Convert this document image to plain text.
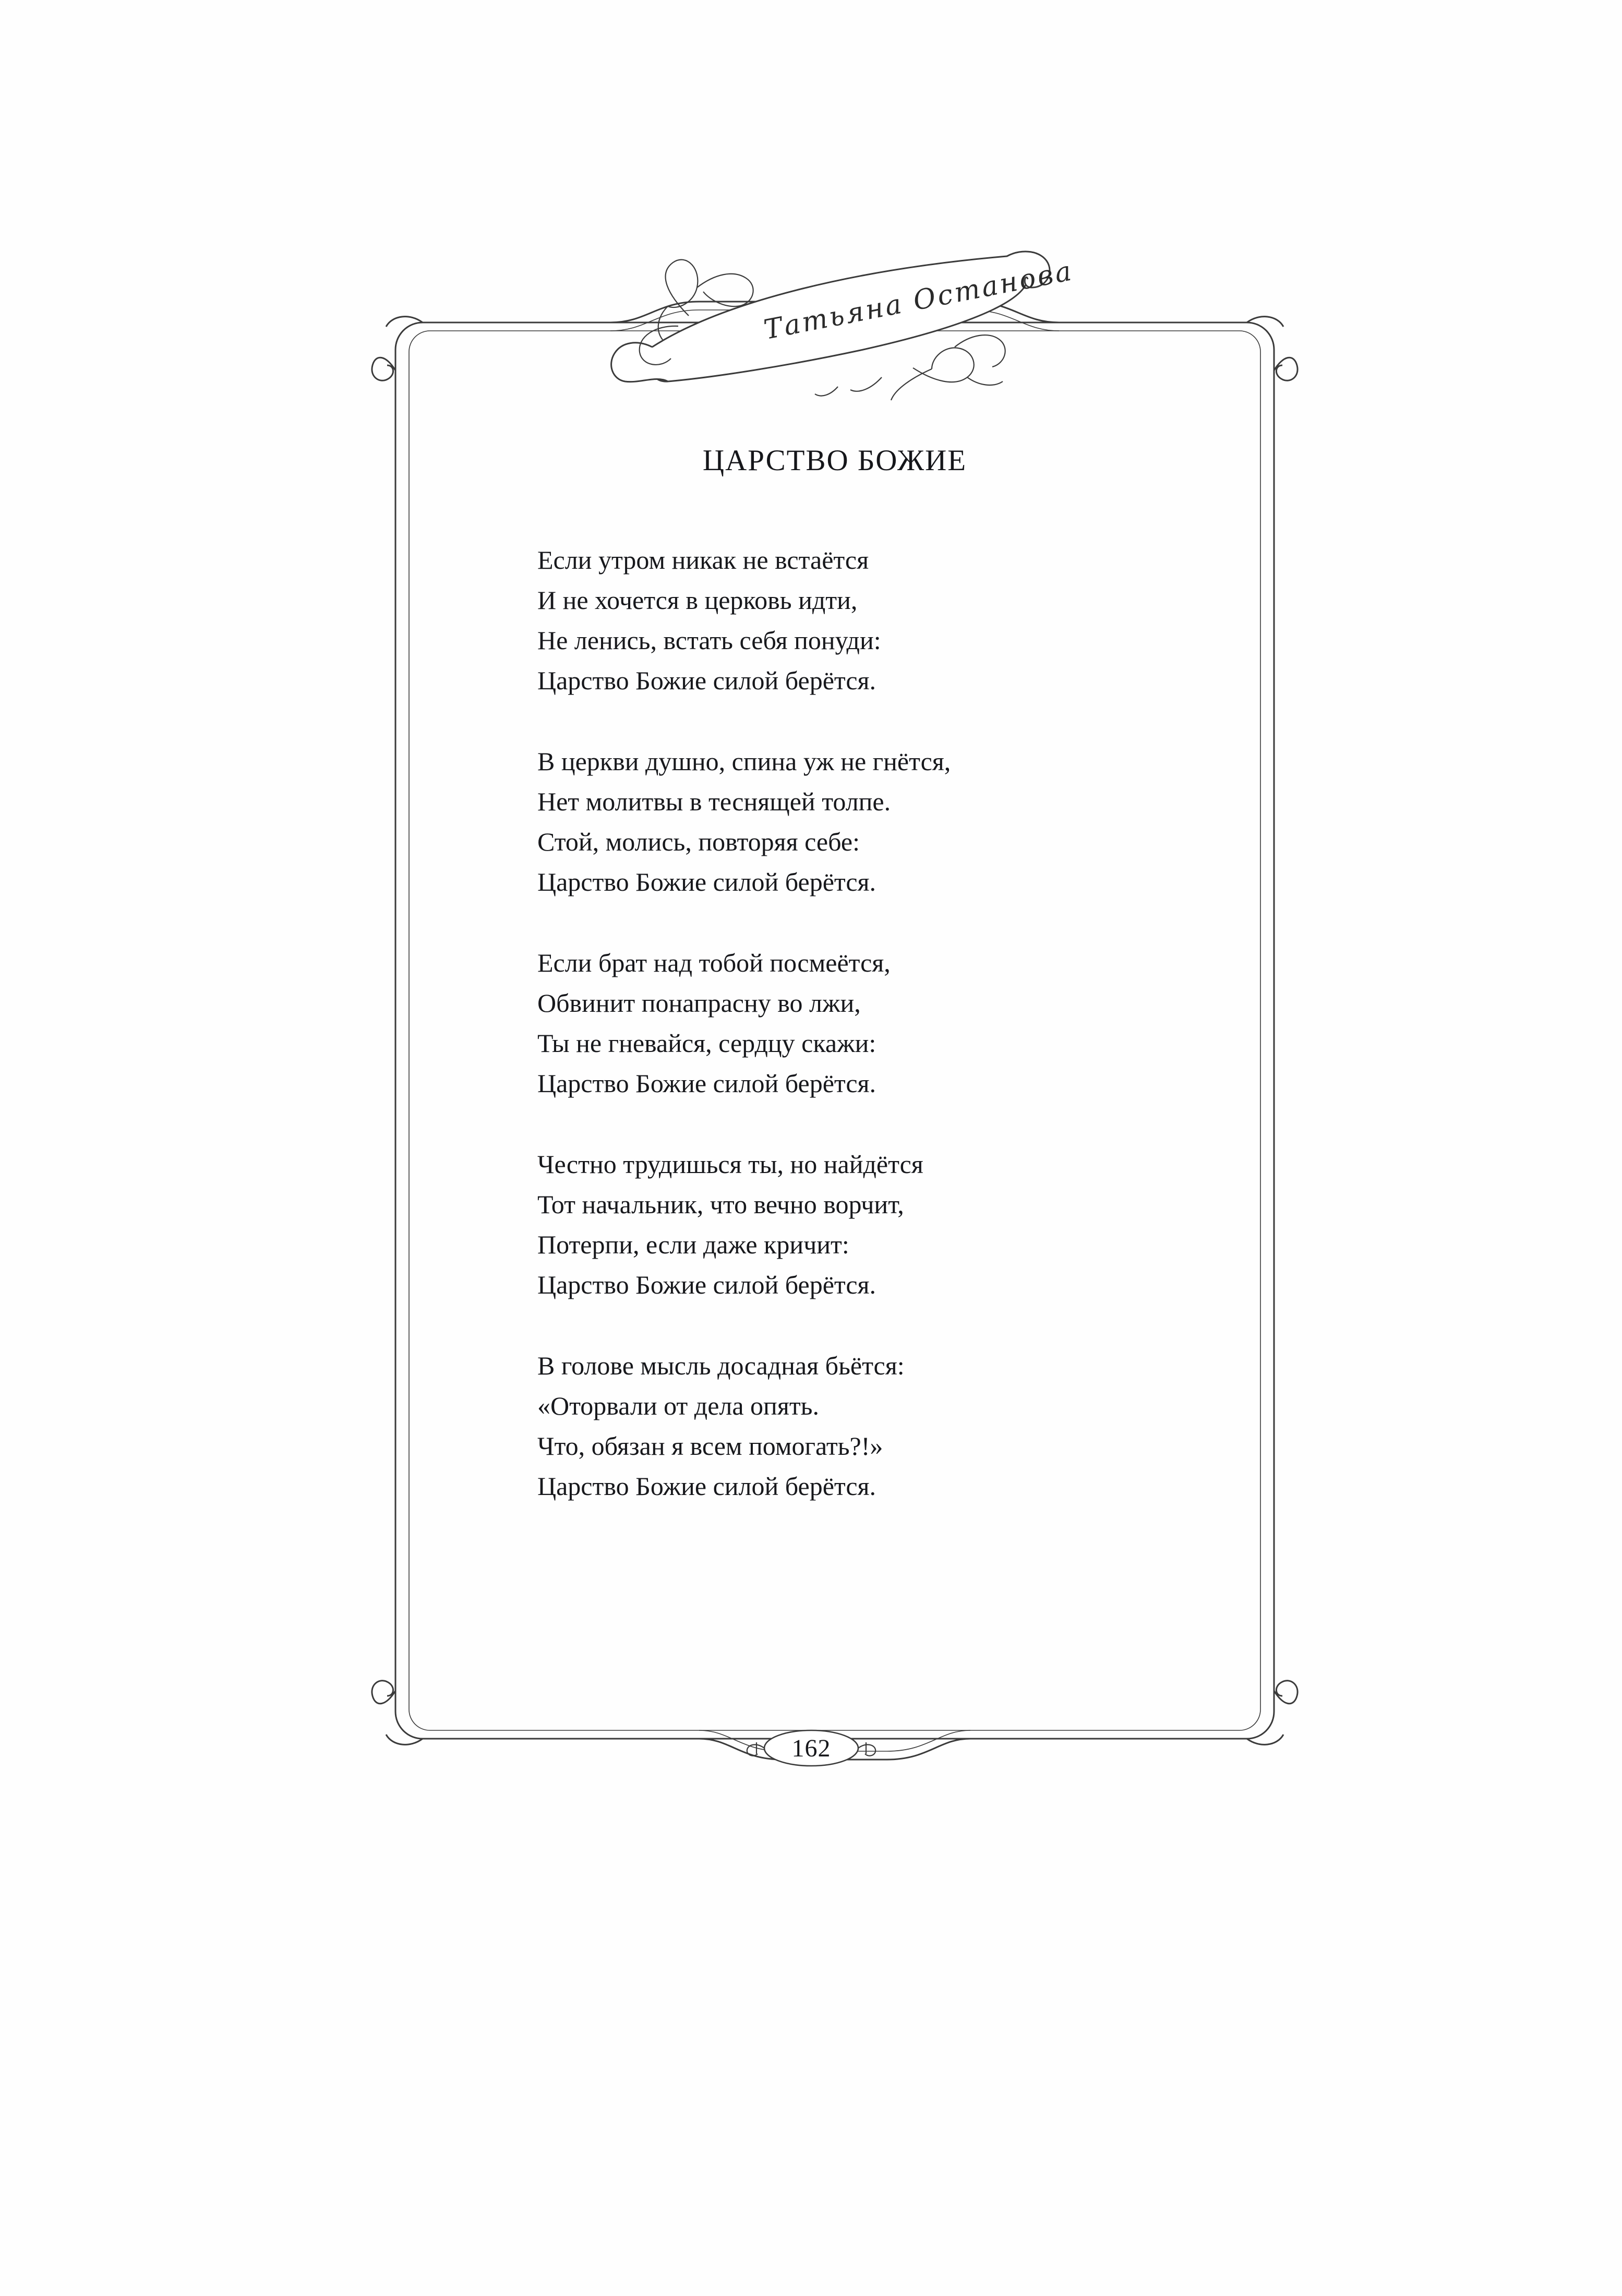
Татьяна Останова
ЦАРСТВО БОЖИЕ
Если утром никак не встаётся
И не хочется в церковь идти,
Не ленись, встать себя понуди:
Царство Божие силой берётся.
В церкви душно, спина уж не гнётся,
Нет молитвы в теснящей толпе.
Стой, молись, повторяя себе:
Царство Божие силой берётся.
Если брат над тобой посмеётся,
Обвинит понапрасну во лжи,
Ты не гневайся, сердцу скажи:
Царство Божие силой берётся.
Честно трудишься ты, но найдётся
Тот начальник, что вечно ворчит,
Потерпи, если даже кричит:
Царство Божие силой берётся.
В голове мысль досадная бьётся:
«Оторвали от дела опять.
Что, обязан я всем помогать?!»
Царство Божие силой берётся.
162
